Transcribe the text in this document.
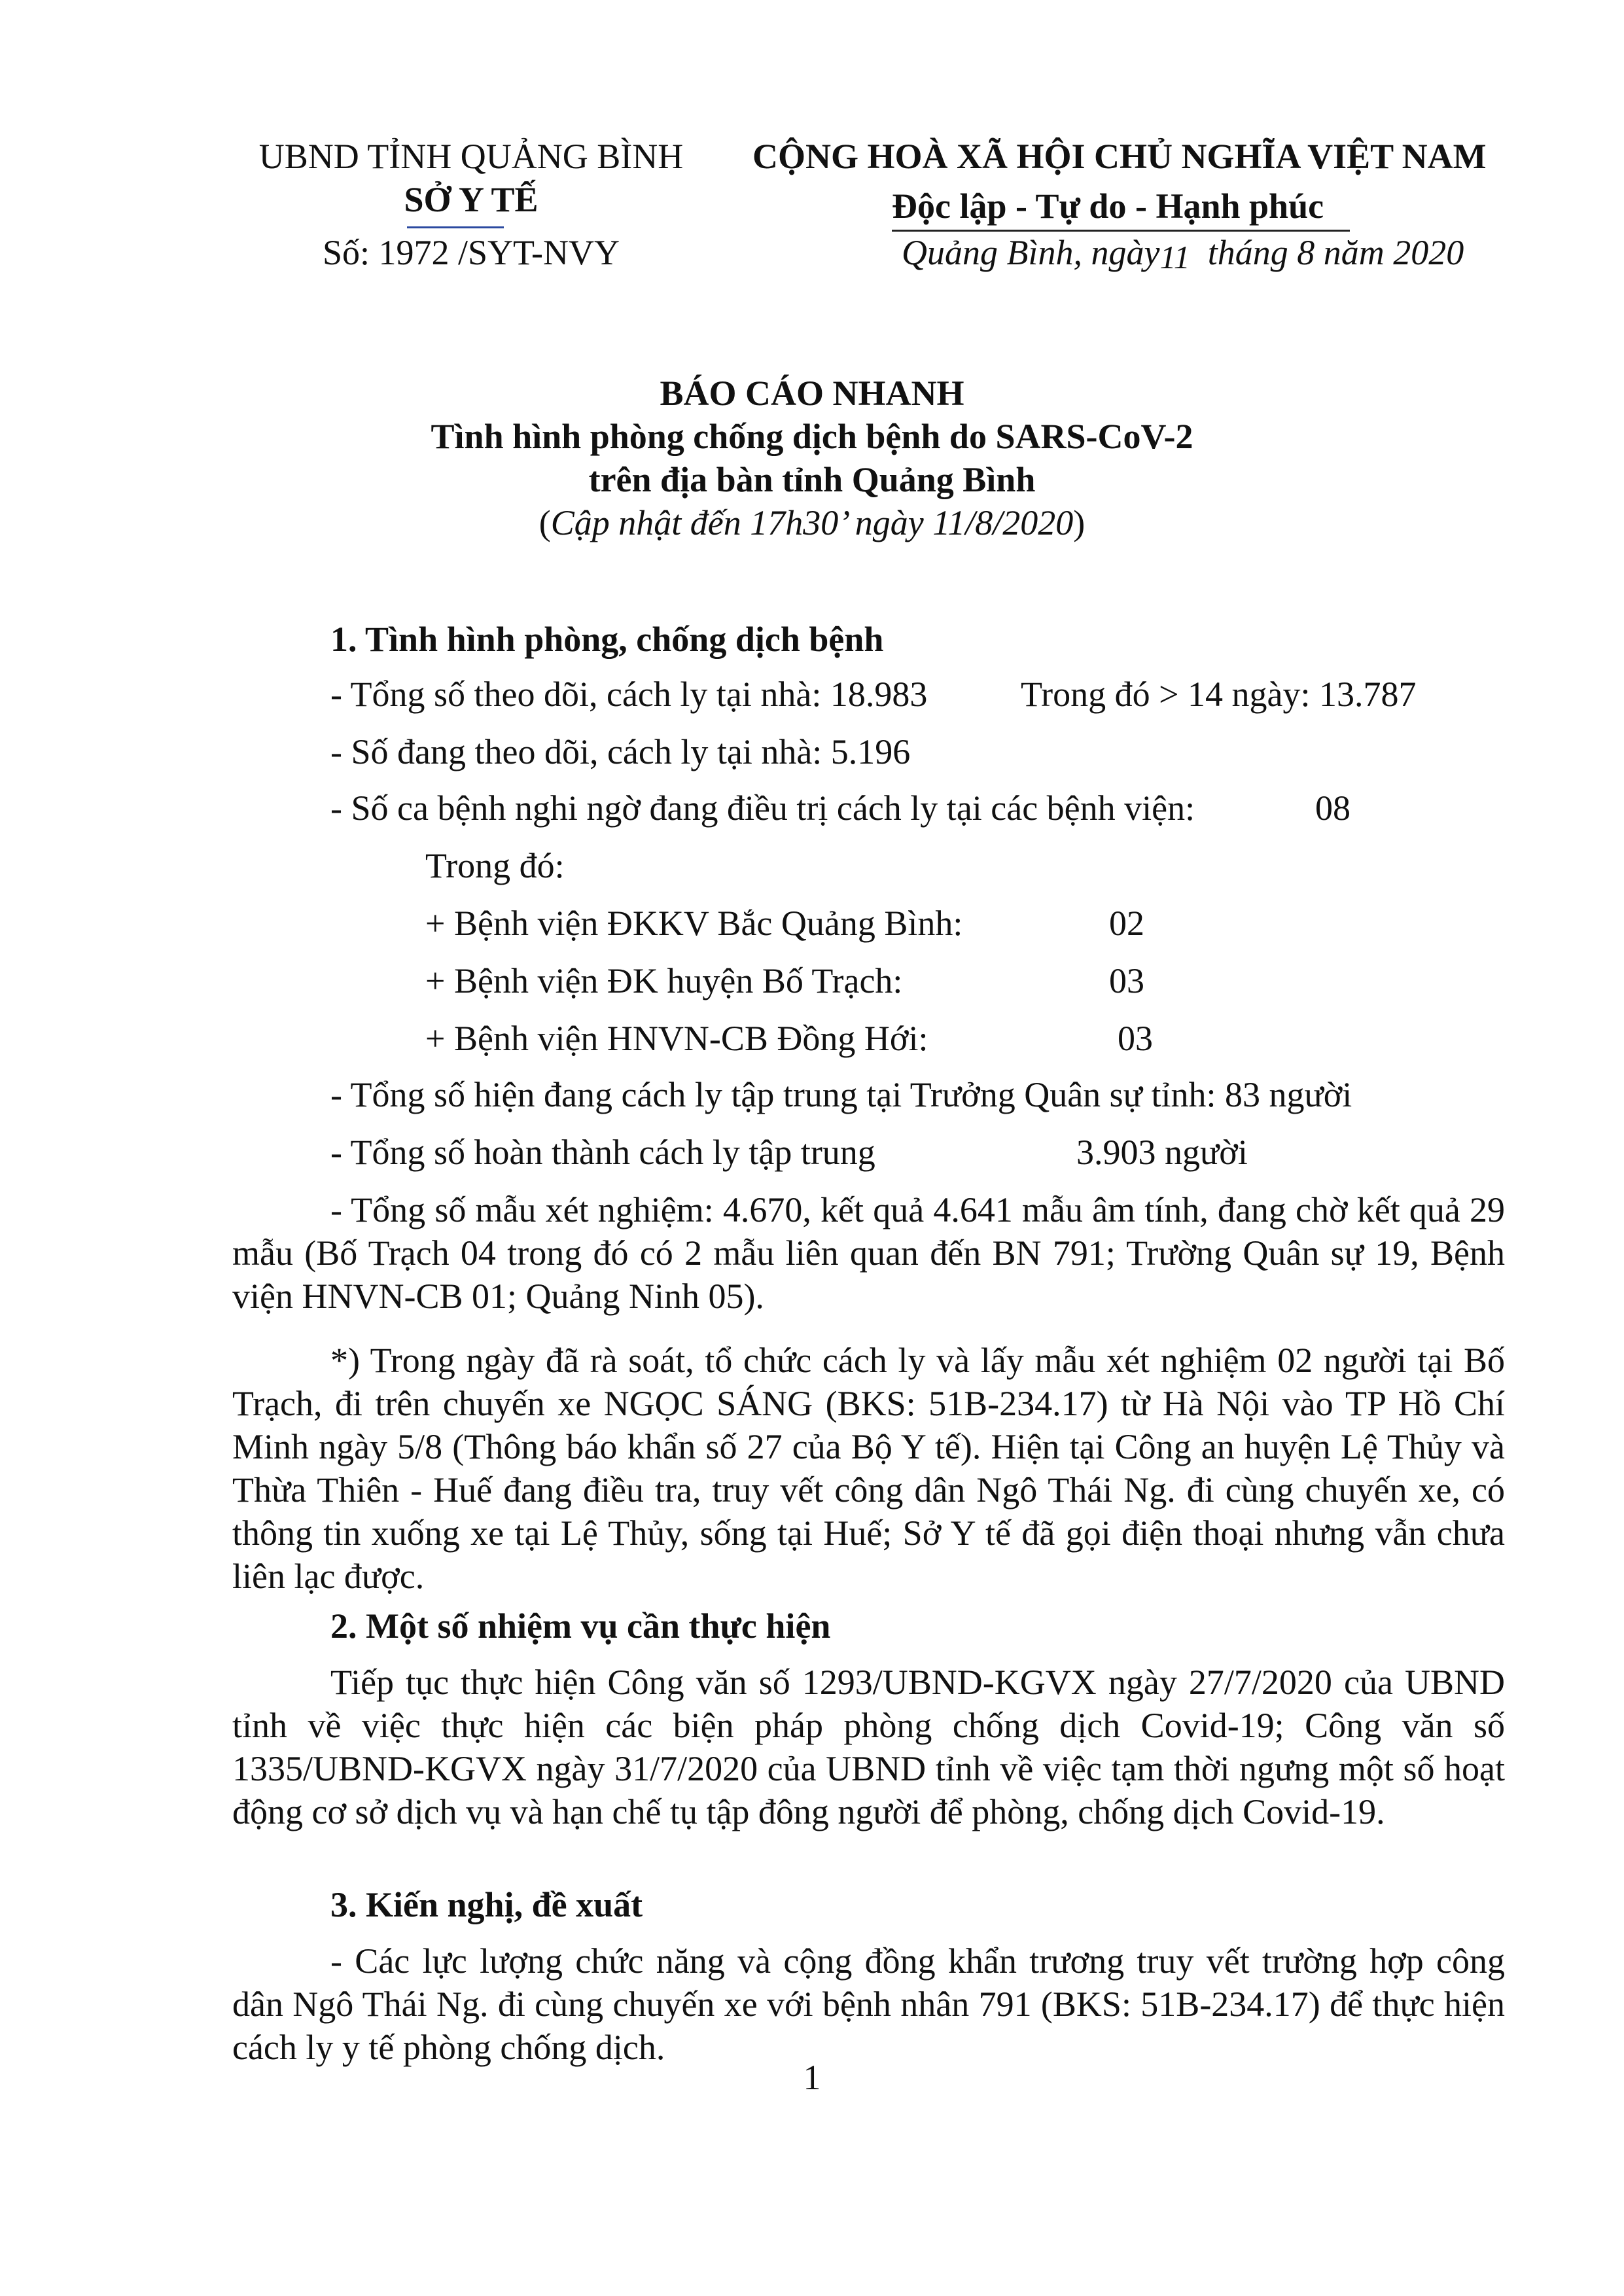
UBND TỈNH QUẢNG BÌNH
SỞ Y TẾ
Số: 1972 /SYT-NVY
CỘNG HOÀ XÃ HỘI CHỦ NGHĨA VIỆT NAM
Độc lập - Tự do - Hạnh phúc
Quảng Bình, ngày11 tháng 8 năm 2020
BÁO CÁO NHANH
Tình hình phòng chống dịch bệnh do SARS-CoV-2
trên địa bàn tỉnh Quảng Bình
(Cập nhật đến 17h30’ ngày 11/8/2020)
1. Tình hình phòng, chống dịch bệnh
- Tổng số theo dõi, cách ly tại nhà: 18.983	Trong đó > 14 ngày: 13.787
- Số đang theo dõi, cách ly tại nhà: 5.196
- Số ca bệnh nghi ngờ đang điều trị cách ly tại các bệnh viện:	08
Trong đó:
+ Bệnh viện ĐKKV Bắc Quảng Bình:	02
+ Bệnh viện ĐK huyện Bố Trạch:	03
+ Bệnh viện HNVN-CB Đồng Hới:	03
- Tổng số hiện đang cách ly tập trung tại Trưởng Quân sự tỉnh: 83 người
- Tổng số hoàn thành cách ly tập trung	3.903 người
- Tổng số mẫu xét nghiệm: 4.670, kết quả 4.641 mẫu âm tính, đang chờ kết quả 29 mẫu (Bố Trạch 04 trong đó có 2 mẫu liên quan đến BN 791; Trường Quân sự 19, Bệnh viện HNVN-CB 01; Quảng Ninh 05).
*) Trong ngày đã rà soát, tổ chức cách ly và lấy mẫu xét nghiệm 02 người tại Bố Trạch, đi trên chuyến xe NGỌC SÁNG (BKS: 51B-234.17) từ Hà Nội vào TP Hồ Chí Minh ngày 5/8 (Thông báo khẩn số 27 của Bộ Y tế). Hiện tại Công an huyện Lệ Thủy và Thừa Thiên - Huế đang điều tra, truy vết công dân Ngô Thái Ng. đi cùng chuyến xe, có thông tin xuống xe tại Lệ Thủy, sống tại Huế; Sở Y tế đã gọi điện thoại nhưng vẫn chưa liên lạc được.
2. Một số nhiệm vụ cần thực hiện
Tiếp tục thực hiện Công văn số 1293/UBND-KGVX ngày 27/7/2020 của UBND tỉnh về việc thực hiện các biện pháp phòng chống dịch Covid-19; Công văn số 1335/UBND-KGVX ngày 31/7/2020 của UBND tỉnh về việc tạm thời ngưng một số hoạt động cơ sở dịch vụ và hạn chế tụ tập đông người để phòng, chống dịch Covid-19.
3. Kiến nghị, đề xuất
- Các lực lượng chức năng và cộng đồng khẩn trương truy vết trường hợp công dân Ngô Thái Ng. đi cùng chuyến xe với bệnh nhân 791 (BKS: 51B-234.17) để thực hiện cách ly y tế phòng chống dịch.
1
